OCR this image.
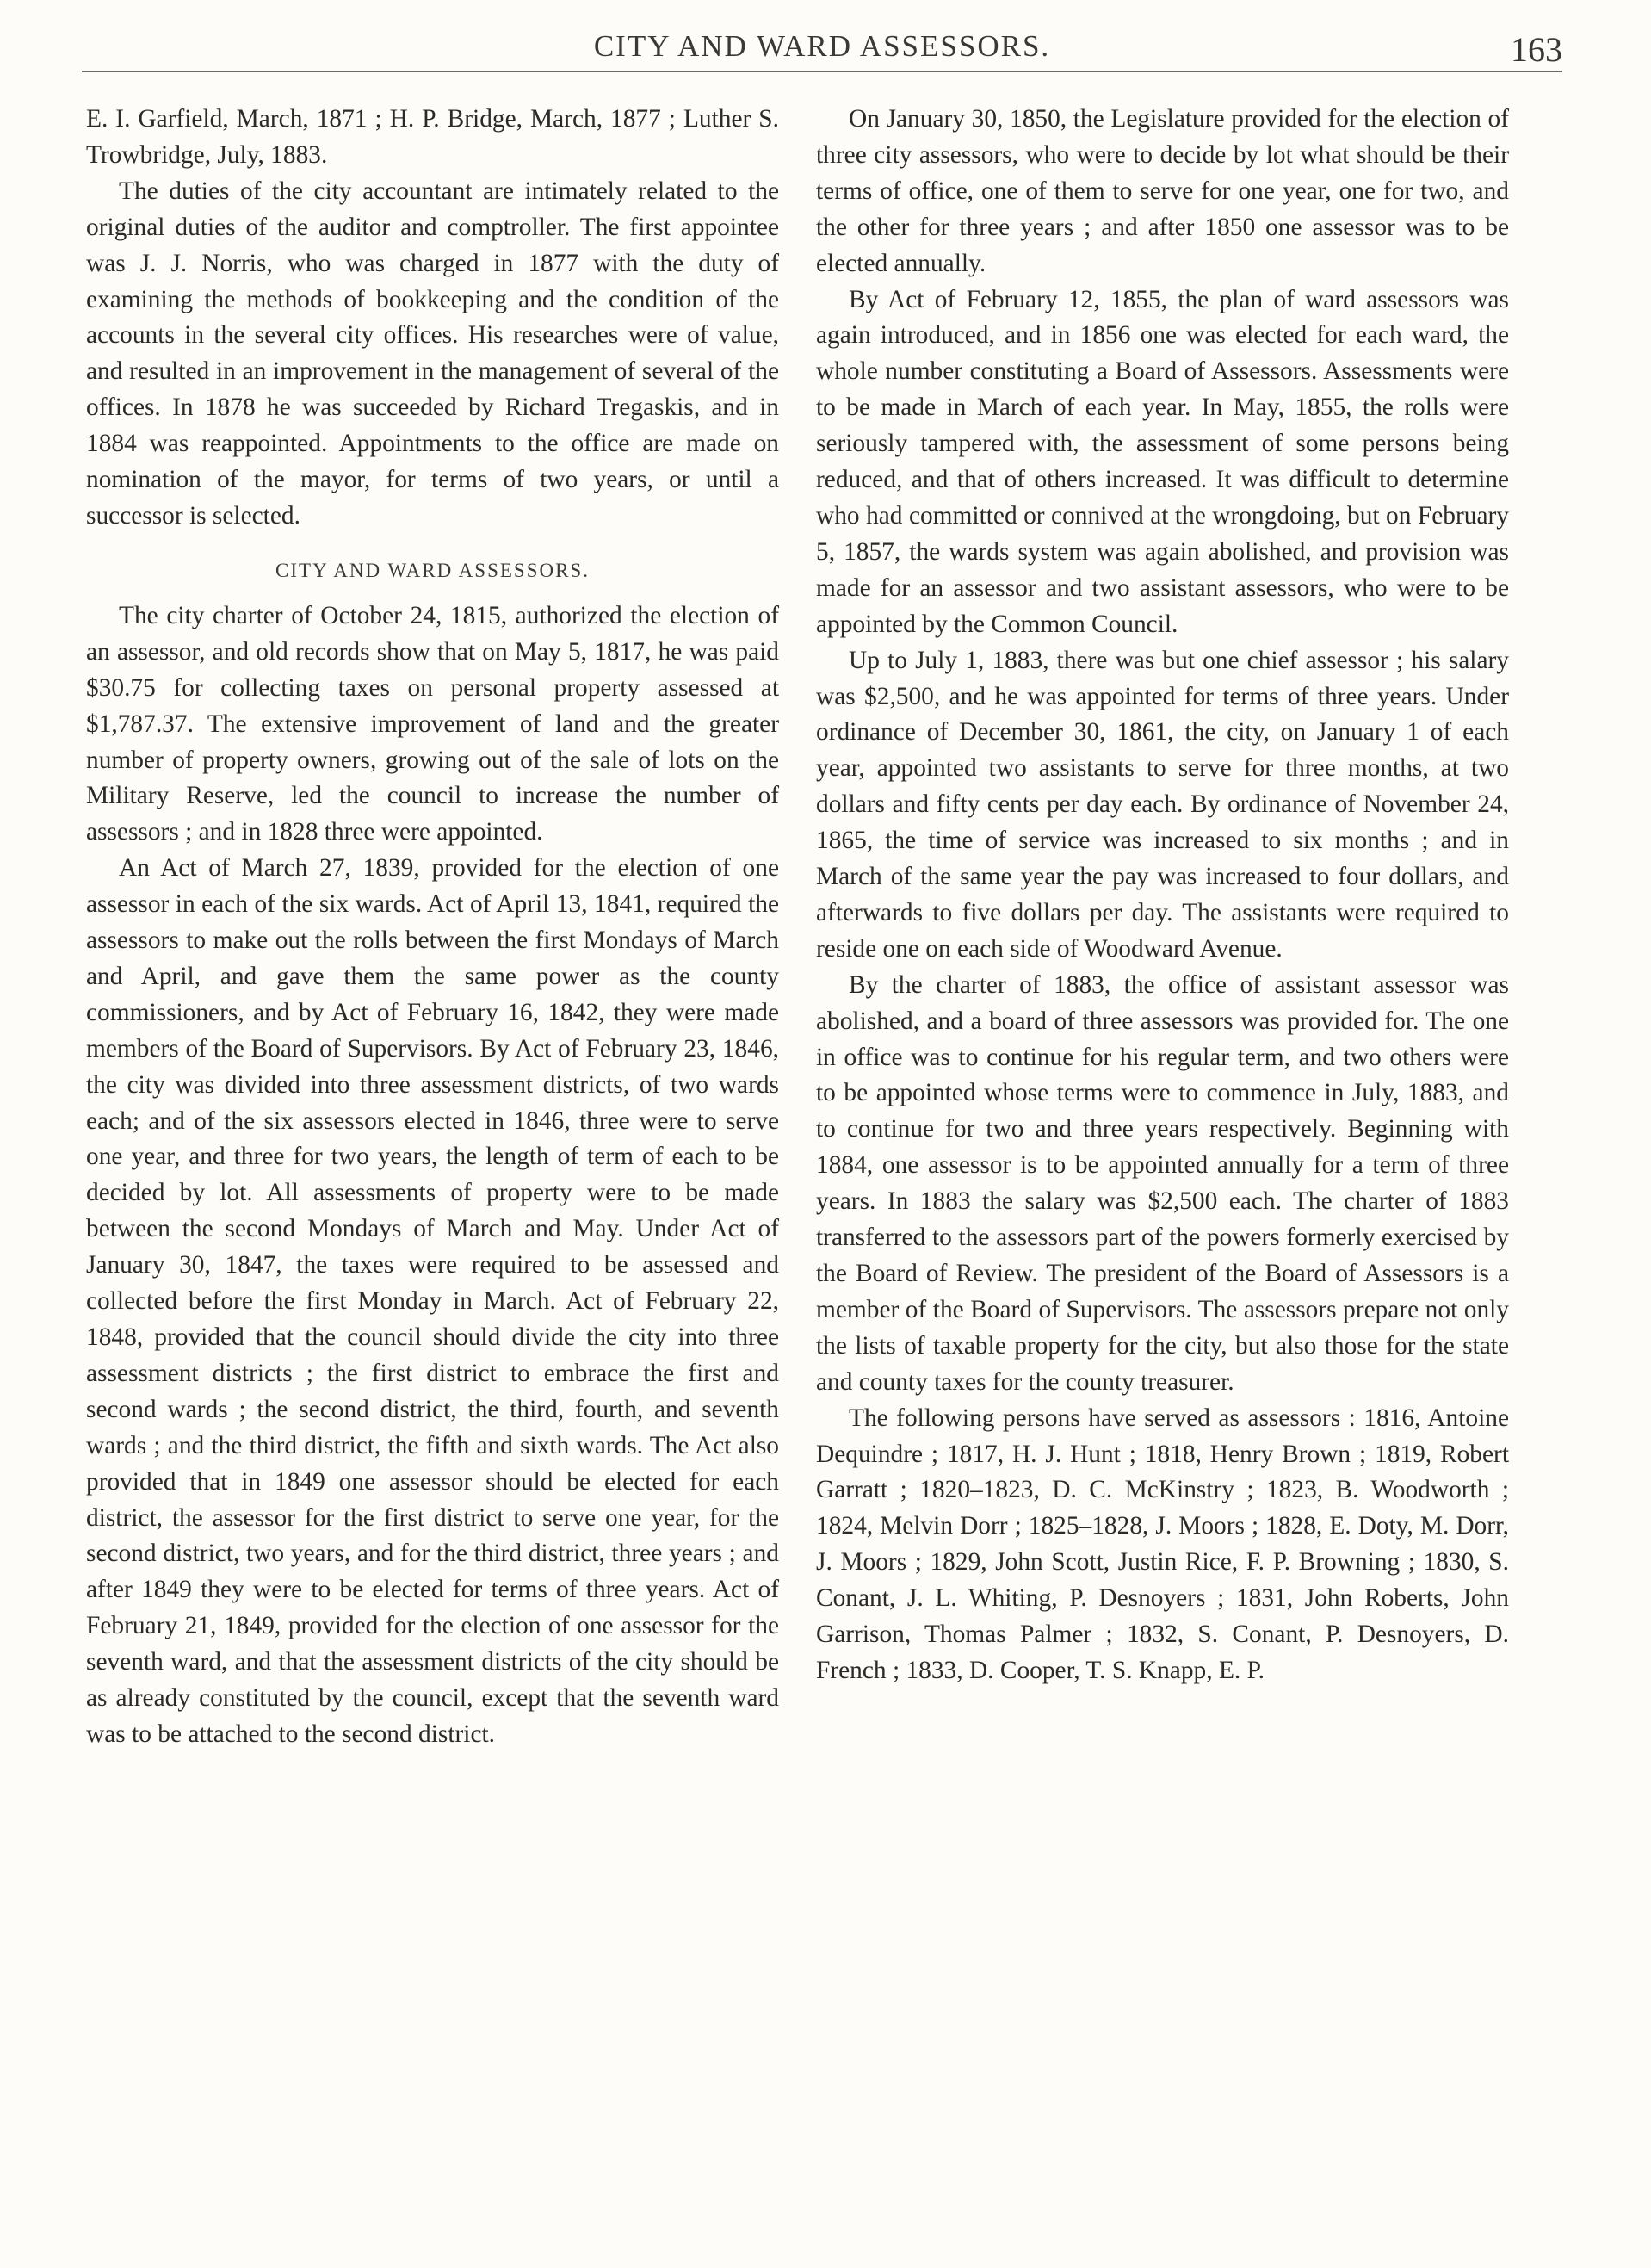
CITY AND WARD ASSESSORS.	163

E. I. Garfield, March, 1871 ; H. P. Bridge, March, 1877 ; Luther S. Trowbridge, July, 1883.

The duties of the city accountant are intimately related to the original duties of the auditor and comptroller. The first appointee was J. J. Norris, who was charged in 1877 with the duty of examining the methods of bookkeeping and the condition of the accounts in the several city offices. His researches were of value, and resulted in an improvement in the management of several of the offices. In 1878 he was succeeded by Richard Tregaskis, and in 1884 was reappointed. Appointments to the office are made on nomination of the mayor, for terms of two years, or until a successor is selected.

CITY AND WARD ASSESSORS.

The city charter of October 24, 1815, authorized the election of an assessor, and old records show that on May 5, 1817, he was paid $30.75 for collecting taxes on personal property assessed at $1,787.37. The extensive improvement of land and the greater number of property owners, growing out of the sale of lots on the Military Reserve, led the council to increase the number of assessors ; and in 1828 three were appointed.

An Act of March 27, 1839, provided for the election of one assessor in each of the six wards. Act of April 13, 1841, required the assessors to make out the rolls between the first Mondays of March and April, and gave them the same power as the county commissioners, and by Act of February 16, 1842, they were made members of the Board of Supervisors. By Act of February 23, 1846, the city was divided into three assessment districts, of two wards each; and of the six assessors elected in 1846, three were to serve one year, and three for two years, the length of term of each to be decided by lot. All assessments of property were to be made between the second Mondays of March and May. Under Act of January 30, 1847, the taxes were required to be assessed and collected before the first Monday in March. Act of February 22, 1848, provided that the council should divide the city into three assessment districts ; the first district to embrace the first and second wards ; the second district, the third, fourth, and seventh wards ; and the third district, the fifth and sixth wards. The Act also provided that in 1849 one assessor should be elected for each district, the assessor for the first district to serve one year, for the second district, two years, and for the third district, three years ; and after 1849 they were to be elected for terms of three years. Act of February 21, 1849, provided for the election of one assessor for the seventh ward, and that the assessment districts of the city should be as already constituted by the council, except that the seventh ward was to be attached to the second district.

On January 30, 1850, the Legislature provided for the election of three city assessors, who were to decide by lot what should be their terms of office, one of them to serve for one year, one for two, and the other for three years ; and after 1850 one assessor was to be elected annually.

By Act of February 12, 1855, the plan of ward assessors was again introduced, and in 1856 one was elected for each ward, the whole number constituting a Board of Assessors. Assessments were to be made in March of each year. In May, 1855, the rolls were seriously tampered with, the assessment of some persons being reduced, and that of others increased. It was difficult to determine who had committed or connived at the wrongdoing, but on February 5, 1857, the wards system was again abolished, and provision was made for an assessor and two assistant assessors, who were to be appointed by the Common Council.

Up to July 1, 1883, there was but one chief assessor ; his salary was $2,500, and he was appointed for terms of three years. Under ordinance of December 30, 1861, the city, on January 1 of each year, appointed two assistants to serve for three months, at two dollars and fifty cents per day each. By ordinance of November 24, 1865, the time of service was increased to six months ; and in March of the same year the pay was increased to four dollars, and afterwards to five dollars per day. The assistants were required to reside one on each side of Woodward Avenue.

By the charter of 1883, the office of assistant assessor was abolished, and a board of three assessors was provided for. The one in office was to continue for his regular term, and two others were to be appointed whose terms were to commence in July, 1883, and to continue for two and three years respectively. Beginning with 1884, one assessor is to be appointed annually for a term of three years. In 1883 the salary was $2,500 each. The charter of 1883 transferred to the assessors part of the powers formerly exercised by the Board of Review. The president of the Board of Assessors is a member of the Board of Supervisors. The assessors prepare not only the lists of taxable property for the city, but also those for the state and county taxes for the county treasurer.

The following persons have served as assessors : 1816, Antoine Dequindre ; 1817, H. J. Hunt ; 1818, Henry Brown ; 1819, Robert Garratt ; 1820–1823, D. C. McKinstry ; 1823, B. Woodworth ; 1824, Melvin Dorr ; 1825–1828, J. Moors ; 1828, E. Doty, M. Dorr, J. Moors ; 1829, John Scott, Justin Rice, F. P. Browning ; 1830, S. Conant, J. L. Whiting, P. Desnoyers ; 1831, John Roberts, John Garrison, Thomas Palmer ; 1832, S. Conant, P. Desnoyers, D. French ; 1833, D. Cooper, T. S. Knapp, E. P.
